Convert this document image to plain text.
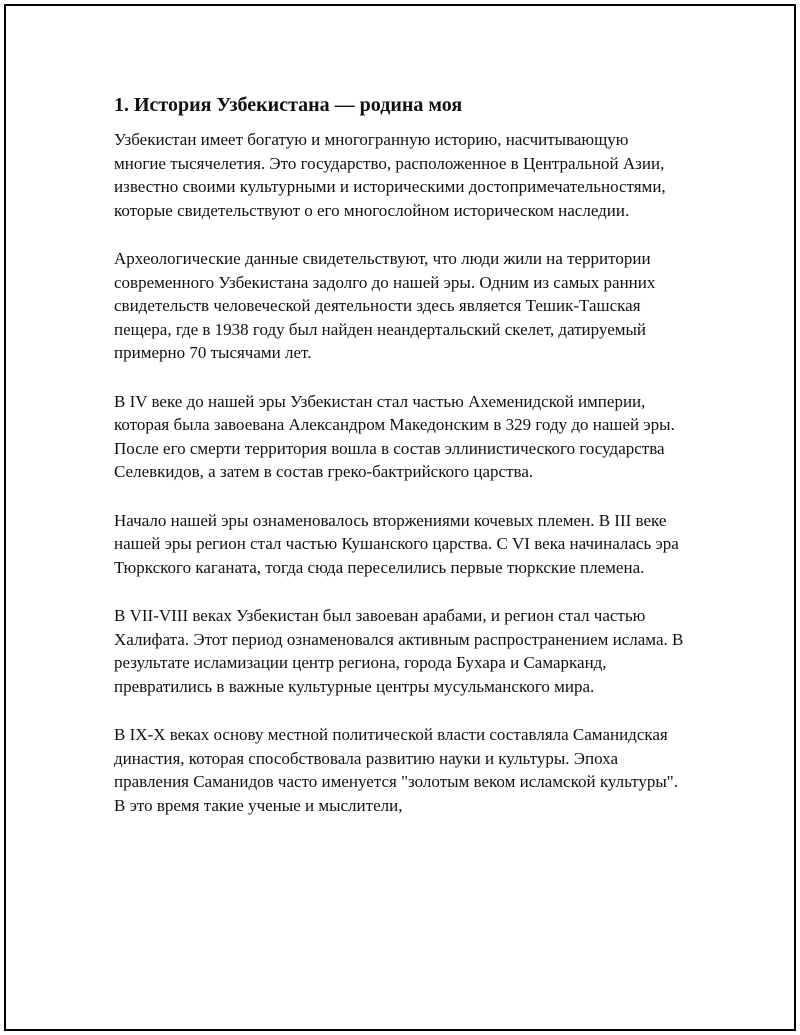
1. История Узбекистана — родина моя

Узбекистан имеет богатую и многогранную историю, насчитывающую многие тысячелетия. Это государство, расположенное в Центральной Азии, известно своими культурными и историческими достопримечательностями, которые свидетельствуют о его многослойном историческом наследии.

Археологические данные свидетельствуют, что люди жили на территории современного Узбекистана задолго до нашей эры. Одним из самых ранних свидетельств человеческой деятельности здесь является Тешик-Ташская пещера, где в 1938 году был найден неандертальский скелет, датируемый примерно 70 тысячами лет.

В IV веке до нашей эры Узбекистан стал частью Ахеменидской империи, которая была завоевана Александром Македонским в 329 году до нашей эры. После его смерти территория вошла в состав эллинистического государства Селевкидов, а затем в состав греко-бактрийского царства.

Начало нашей эры ознаменовалось вторжениями кочевых племен. В III веке нашей эры регион стал частью Кушанского царства. С VI века начиналась эра Тюркского каганата, тогда сюда переселились первые тюркские племена.

В VII-VIII веках Узбекистан был завоеван арабами, и регион стал частью Халифата. Этот период ознаменовался активным распространением ислама. В результате исламизации центр региона, города Бухара и Самарканд, превратились в важные культурные центры мусульманского мира.

В IX-X веках основу местной политической власти составляла Саманидская династия, которая способствовала развитию науки и культуры. Эпоха правления Саманидов часто именуется "золотым веком исламской культуры". В это время такие ученые и мыслители,
